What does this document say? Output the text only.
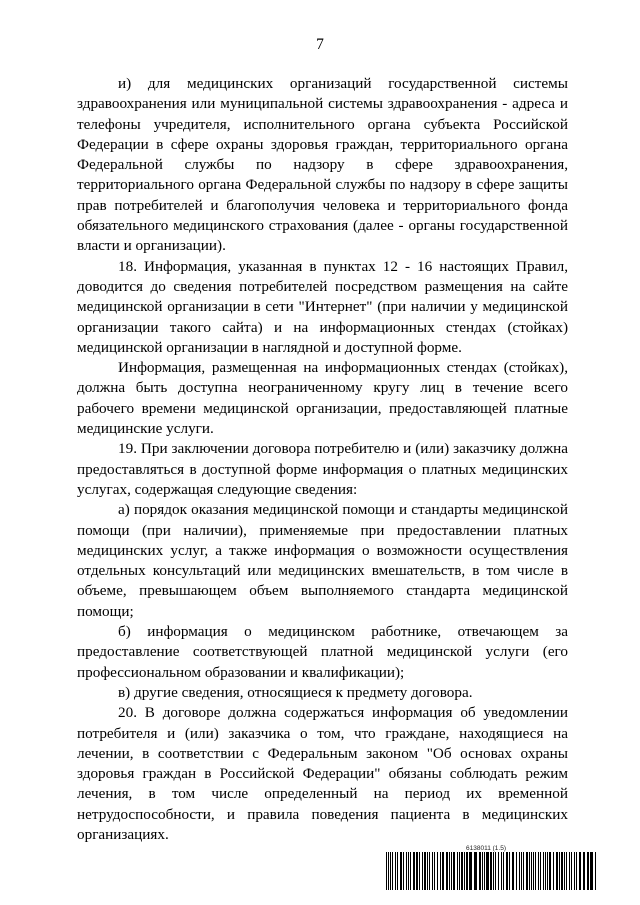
7

и) для медицинских организаций государственной системы здравоохранения или муниципальной системы здравоохранения - адреса и телефоны учредителя, исполнительного органа субъекта Российской Федерации в сфере охраны здоровья граждан, территориального органа Федеральной службы по надзору в сфере здравоохранения, территориального органа Федеральной службы по надзору в сфере защиты прав потребителей и благополучия человека и территориального фонда обязательного медицинского страхования (далее - органы государственной власти и организации).

18. Информация, указанная в пунктах 12 - 16 настоящих Правил, доводится до сведения потребителей посредством размещения на сайте медицинской организации в сети "Интернет" (при наличии у медицинской организации такого сайта) и на информационных стендах (стойках) медицинской организации в наглядной и доступной форме.

Информация, размещенная на информационных стендах (стойках), должна быть доступна неограниченному кругу лиц в течение всего рабочего времени медицинской организации, предоставляющей платные медицинские услуги.

19. При заключении договора потребителю и (или) заказчику должна предоставляться в доступной форме информация о платных медицинских услугах, содержащая следующие сведения:

а) порядок оказания медицинской помощи и стандарты медицинской помощи (при наличии), применяемые при предоставлении платных медицинских услуг, а также информация о возможности осуществления отдельных консультаций или медицинских вмешательств, в том числе в объеме, превышающем объем выполняемого стандарта медицинской помощи;

б) информация о медицинском работнике, отвечающем за предоставление соответствующей платной медицинской услуги (его профессиональном образовании и квалификации);

в) другие сведения, относящиеся к предмету договора.

20. В договоре должна содержаться информация об уведомлении потребителя и (или) заказчика о том, что граждане, находящиеся на лечении, в соответствии с Федеральным законом "Об основах охраны здоровья граждан в Российской Федерации" обязаны соблюдать режим лечения, в том числе определенный на период их временной нетрудоспособности, и правила поведения пациента в медицинских организациях.

6138011 (1.5)
